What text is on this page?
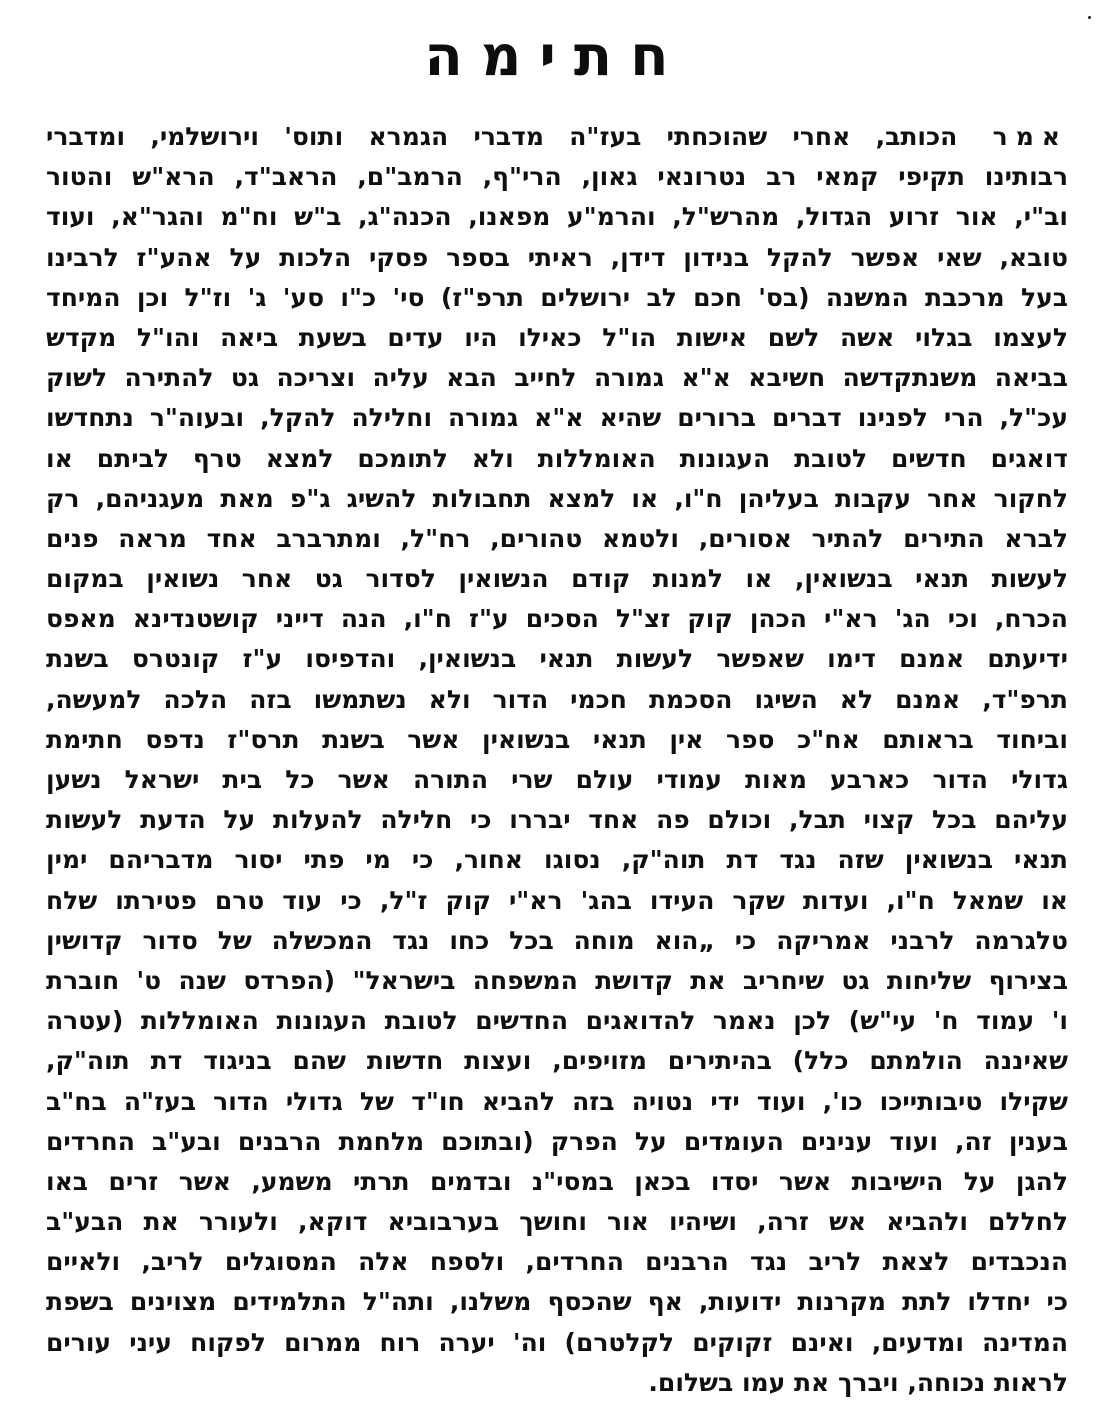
חתימה
אמר הכותב, אחרי שהוכחתי בעז"ה מדברי הגמרא ותוס' וירושלמי, ומדברי
רבותינו תקיפי קמאי רב נטרונאי גאון, הרי"ף, הרמב"ם, הראב"ד, הרא"ש והטור
וב"י, אור זרוע הגדול, מהרש"ל, והרמ"ע מפאנו, הכנה"ג, ב"ש וח"מ והגר"א, ועוד
טובא, שאי אפשר להקל בנידון דידן, ראיתי בספר פסקי הלכות על אהע"ז לרבינו
בעל מרכבת המשנה (בס' חכם לב ירושלים תרפ"ז) סי' כ"ו סע' ג' וז"ל וכן המיחד
לעצמו בגלוי אשה לשם אישות הו"ל כאילו היו עדים בשעת ביאה והו"ל מקדש
בביאה משנתקדשה חשיבא א"א גמורה לחייב הבא עליה וצריכה גט להתירה לשוק
עכ"ל, הרי לפנינו דברים ברורים שהיא א"א גמורה וחלילה להקל, ובעוה"ר נתחדשו
דואגים חדשים לטובת העגונות האומללות ולא לתומכם למצא טרף לביתם או
לחקור אחר עקבות בעליהן ח"ו, או למצא תחבולות להשיג ג"פ מאת מעגניהם, רק
לברא התירים להתיר אסורים, ולטמא טהורים, רח"ל, ומתרברב אחד מראה פנים
לעשות תנאי בנשואין, או למנות קודם הנשואין לסדור גט אחר נשואין במקום
הכרח, וכי הג' רא"י הכהן קוק זצ"ל הסכים ע"ז ח"ו, הנה דייני קושטנדינא מאפס
ידיעתם אמנם דימו שאפשר לעשות תנאי בנשואין, והדפיסו ע"ז קונטרס בשנת
תרפ"ד, אמנם לא השיגו הסכמת חכמי הדור ולא נשתמשו בזה הלכה למעשה,
וביחוד בראותם אח"כ ספר אין תנאי בנשואין אשר בשנת תרס"ז נדפס חתימת
גדולי הדור כארבע מאות עמודי עולם שרי התורה אשר כל בית ישראל נשען
עליהם בכל קצוי תבל, וכולם פה אחד יבררו כי חלילה להעלות על הדעת לעשות
תנאי בנשואין שזה נגד דת תוה"ק, נסוגו אחור, כי מי פתי יסור מדבריהם ימין
או שמאל ח"ו, ועדות שקר העידו בהג' רא"י קוק ז"ל, כי עוד טרם פטירתו שלח
טלגרמה לרבני אמריקה כי „הוא מוחה בכל כחו נגד המכשלה של סדור קדושין
בצירוף שליחות גט שיחריב את קדושת המשפחה בישראל" (הפרדס שנה ט' חוברת
ו' עמוד ח' עי"ש) לכן נאמר להדואגים החדשים לטובת העגונות האומללות (עטרה
שאיננה הולמתם כלל) בהיתירים מזויפים, ועצות חדשות שהם בניגוד דת תוה"ק,
שקילו טיבותייכו כו', ועוד ידי נטויה בזה להביא חו"ד של גדולי הדור בעז"ה בח"ב
בענין זה, ועוד ענינים העומדים על הפרק (ובתוכם מלחמת הרבנים ובע"ב החרדים
להגן על הישיבות אשר יסדו בכאן במסי"נ ובדמים תרתי משמע, אשר זרים באו
לחללם ולהביא אש זרה, ושיהיו אור וחושך בערבוביא דוקא, ולעורר את הבע"ב
הנכבדים לצאת לריב נגד הרבנים החרדים, ולספח אלה המסוגלים לריב, ולאיים
כי יחדלו לתת מקרנות ידועות, אף שהכסף משלנו, ותה"ל התלמידים מצוינים בשפת
המדינה ומדעים, ואינם זקוקים לקלטרם) וה' יערה רוח ממרום לפקוח עיני עורים
לראות נכוחה, ויברך את עמו בשלום.
